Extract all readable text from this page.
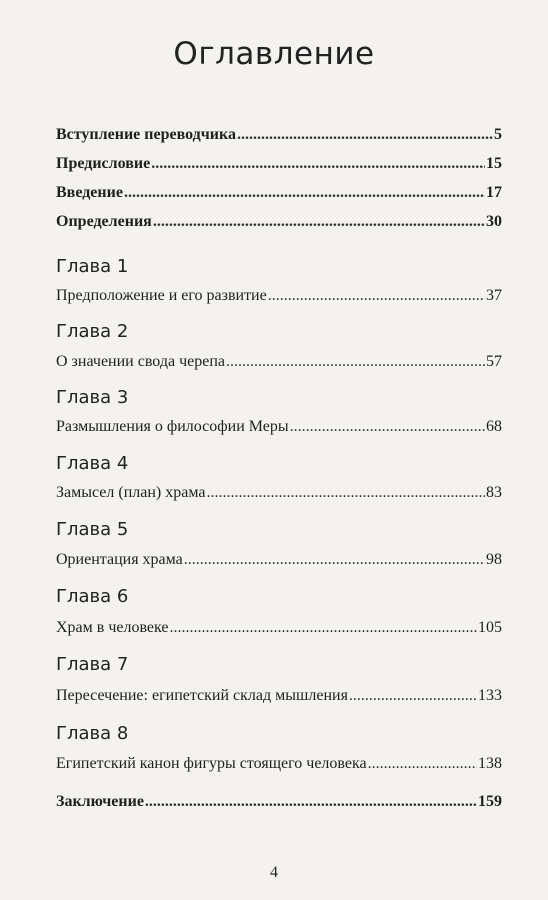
Оглавление
Вступление переводчика .....	5
Предисловие .....	15
Введение .....	17
Определения .....	30
Глава 1
Предположение и его развитие .....	37
Глава 2
О значении свода черепа .....	57
Глава 3
Размышления о философии Меры .....	68
Глава 4
Замысел (план) храма .....	83
Глава 5
Ориентация храма .....	98
Глава 6
Храм в человеке .....	105
Глава 7
Пересечение: египетский склад мышления .....	133
Глава 8
Египетский канон фигуры стоящего человека .....	138
Заключение .....	159
4
